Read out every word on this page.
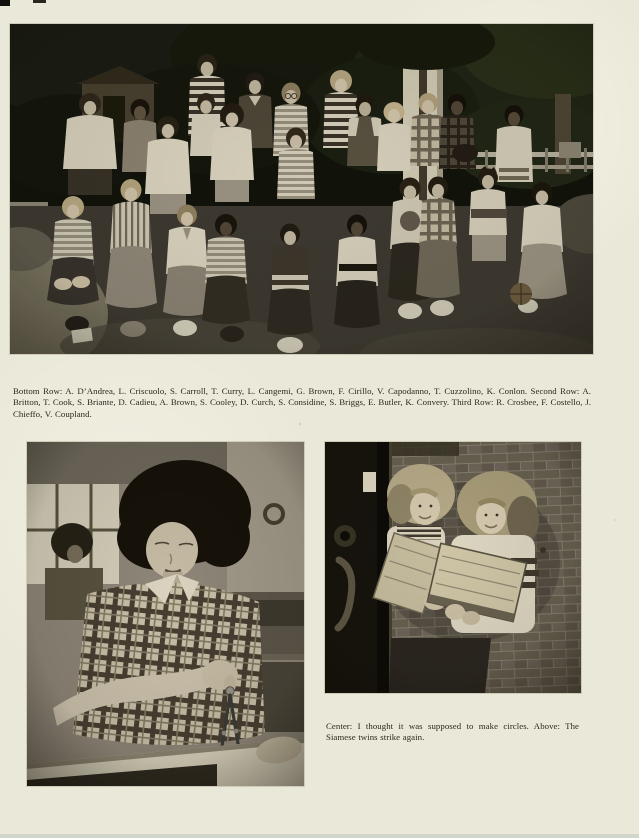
Bottom Row: A. D’Andrea, L. Criscuolo, S. Carroll, T. Curry, L. Cangemi, G. Brown, F. Cirillo, V. Capodanno, T. Cuzzolino, K. Conlon. Second Row: A.
Britton, T. Cook, S. Briante, D. Cadieu, A. Brown, S. Cooley, D. Curch, S. Considine, S. Briggs, E. Butler, K. Convery. Third Row: R. Crosbee, F. Costello, J.
Chieffo, V. Coupland.

Center: I thought it was supposed to make circles. Above: The
Siamese twins strike again.
